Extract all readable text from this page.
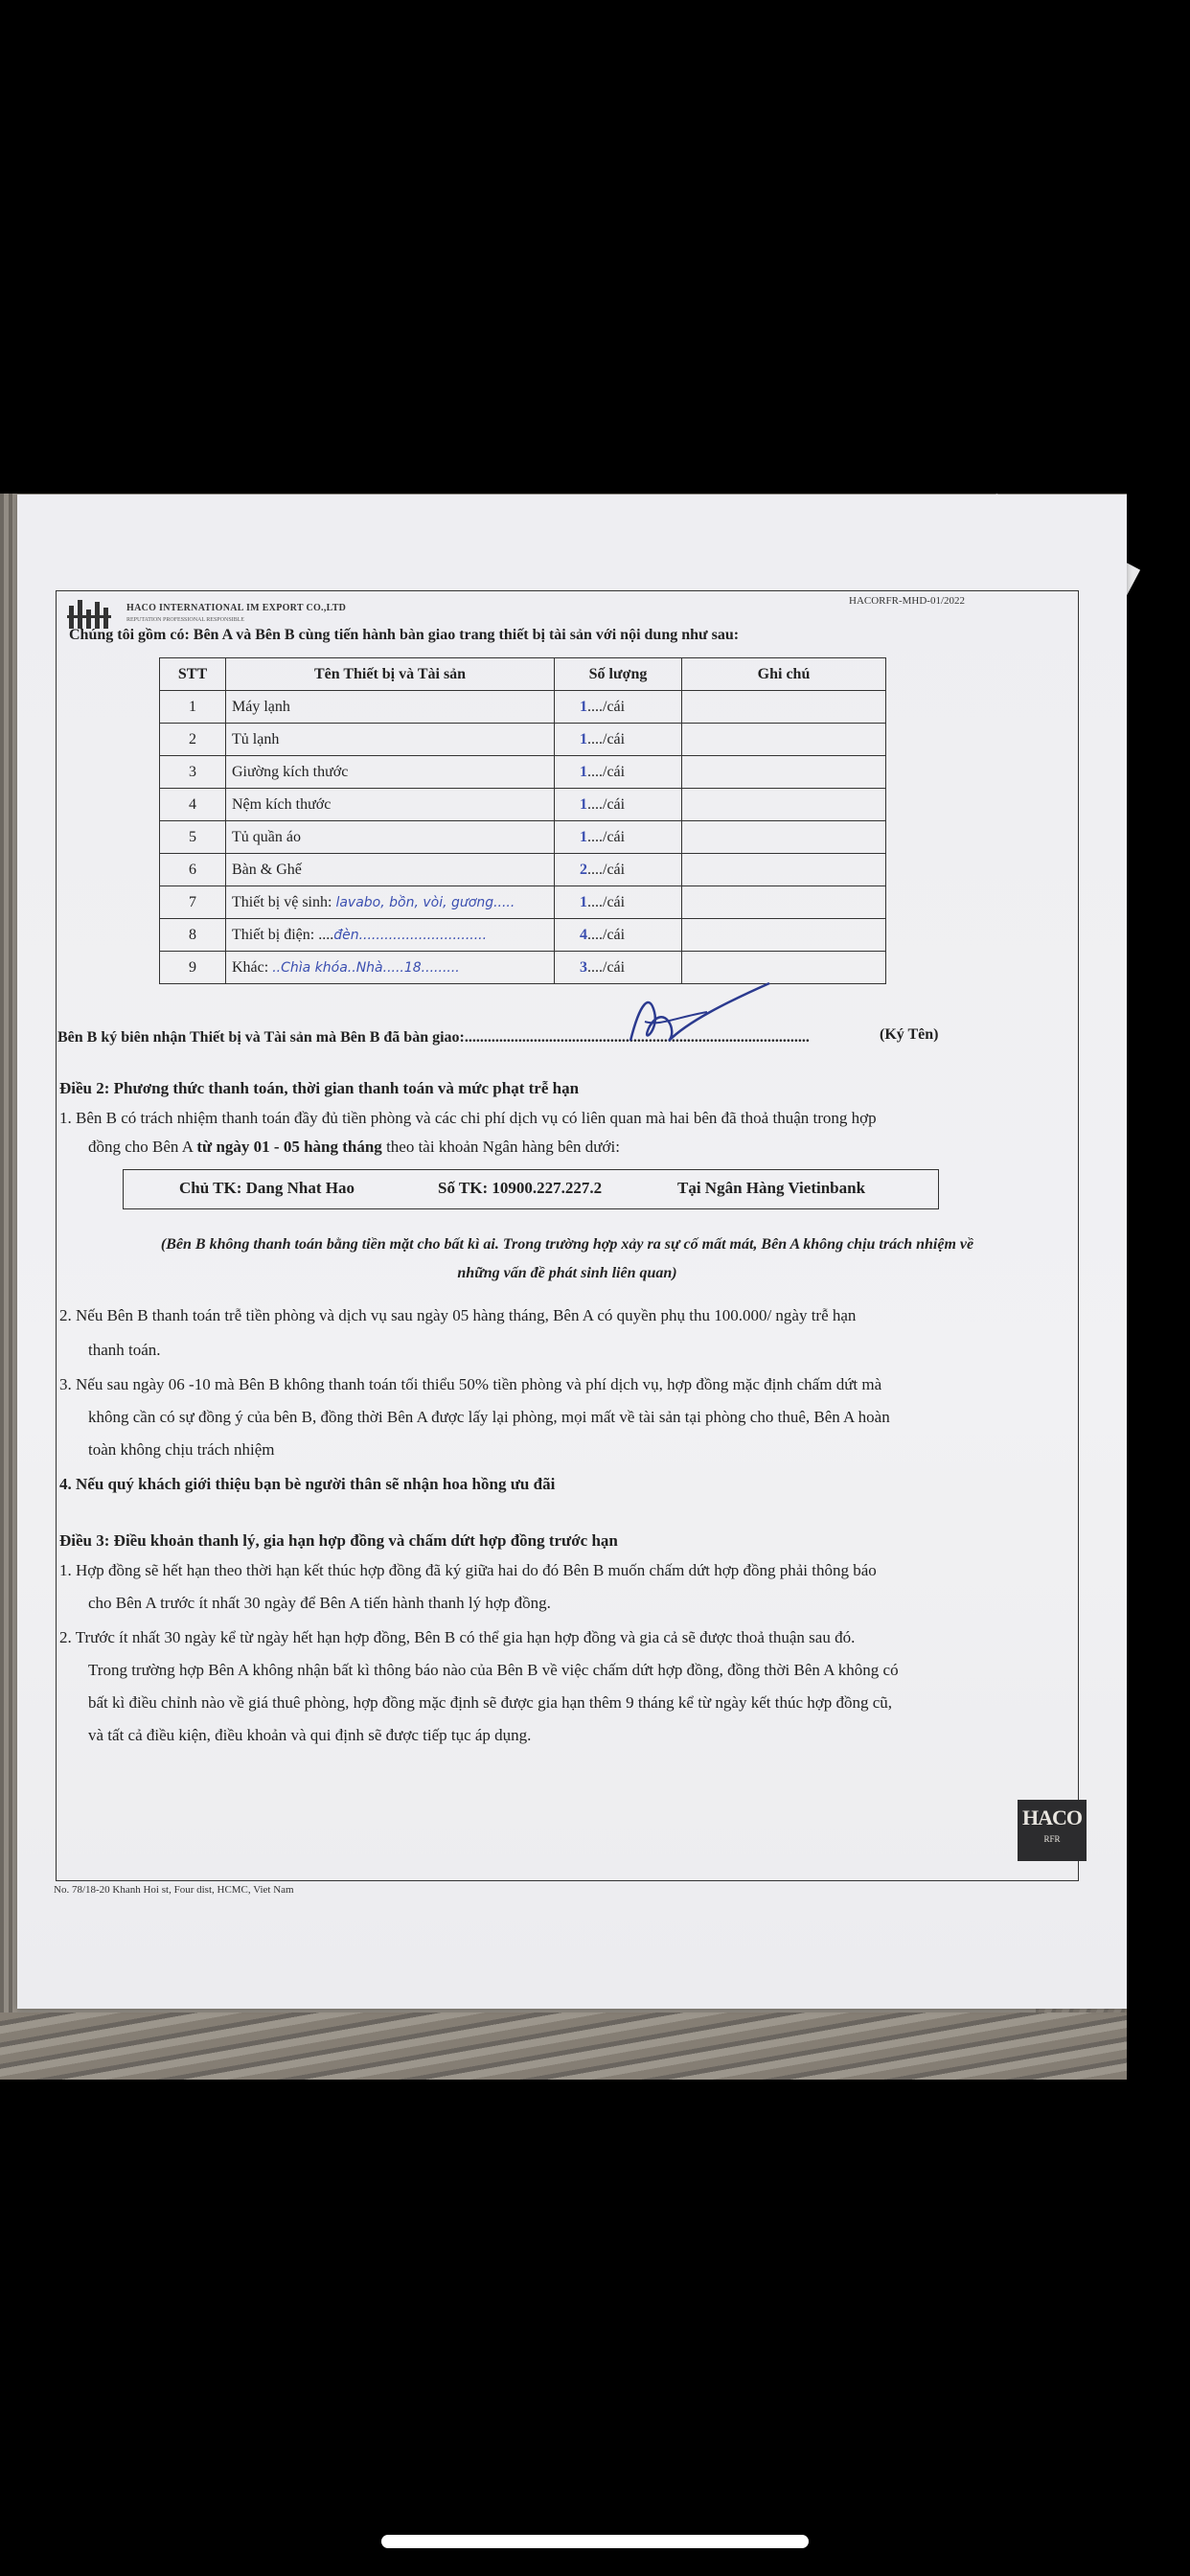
HACO INTERNATIONAL IM EXPORT CO.,LTD
REPUTATION PROFESSIONAL RESPONSIBLE
HACORFR-MHD-01/2022
Chúng tôi gồm có: Bên A và Bên B cùng tiến hành bàn giao trang thiết bị tài sản với nội dung như sau:
STT	Tên Thiết bị và Tài sản	Số lượng	Ghi chú
1	Máy lạnh	1..../cái	
2	Tủ lạnh	1..../cái	
3	Giường kích thước	1..../cái	
4	Nệm kích thước	1..../cái	
5	Tủ quần áo	1..../cái	
6	Bàn & Ghế	2..../cái	
7	Thiết bị vệ sinh: lavabo, bồn, vòi, gương.....	1..../cái	
8	Thiết bị điện: ....đèn..............................	4..../cái	
9	Khác: ..Chìa khóa..Nhà.....18.........	3..../cái	
Bên B ký biên nhận Thiết bị và Tài sản mà Bên B đã bàn giao:..........................................................................................	(Ký Tên)
Điều 2: Phương thức thanh toán, thời gian thanh toán và mức phạt trễ hạn
1. Bên B có trách nhiệm thanh toán đầy đủ tiền phòng và các chi phí dịch vụ có liên quan mà hai bên đã thoả thuận trong hợp
đồng cho Bên A từ ngày 01 - 05 hàng tháng theo tài khoản Ngân hàng bên dưới:
Chủ TK: Dang Nhat Hao	Số TK: 10900.227.227.2	Tại Ngân Hàng Vietinbank
(Bên B không thanh toán bằng tiền mặt cho bất kì ai. Trong trường hợp xảy ra sự cố mất mát, Bên A không chịu trách nhiệm về
những vấn đề phát sinh liên quan)
2. Nếu Bên B thanh toán trễ tiền phòng và dịch vụ sau ngày 05 hàng tháng, Bên A có quyền phụ thu 100.000/ ngày trễ hạn
thanh toán.
3. Nếu sau ngày 06 -10 mà Bên B không thanh toán tối thiểu 50% tiền phòng và phí dịch vụ, hợp đồng mặc định chấm dứt mà
không cần có sự đồng ý của bên B, đồng thời Bên A được lấy lại phòng, mọi mất về tài sản tại phòng cho thuê, Bên A hoàn
toàn không chịu trách nhiệm
4. Nếu quý khách giới thiệu bạn bè người thân sẽ nhận hoa hồng ưu đãi
Điều 3: Điều khoản thanh lý, gia hạn hợp đồng và chấm dứt hợp đồng trước hạn
1. Hợp đồng sẽ hết hạn theo thời hạn kết thúc hợp đồng đã ký giữa hai do đó Bên B muốn chấm dứt hợp đồng phải thông báo
cho Bên A trước ít nhất 30 ngày để Bên A tiến hành thanh lý hợp đồng.
2. Trước ít nhất 30 ngày kể từ ngày hết hạn hợp đồng, Bên B có thể gia hạn hợp đồng và gia cả sẽ được thoả thuận sau đó.
Trong trường hợp Bên A không nhận bất kì thông báo nào của Bên B về việc chấm dứt hợp đồng, đồng thời Bên A không có
bất kì điều chỉnh nào về giá thuê phòng, hợp đồng mặc định sẽ được gia hạn thêm 9 tháng kể từ ngày kết thúc hợp đồng cũ,
và tất cả điều kiện, điều khoản và qui định sẽ được tiếp tục áp dụng.
HACO
RFR
No. 78/18-20 Khanh Hoi st, Four dist, HCMC, Viet Nam
